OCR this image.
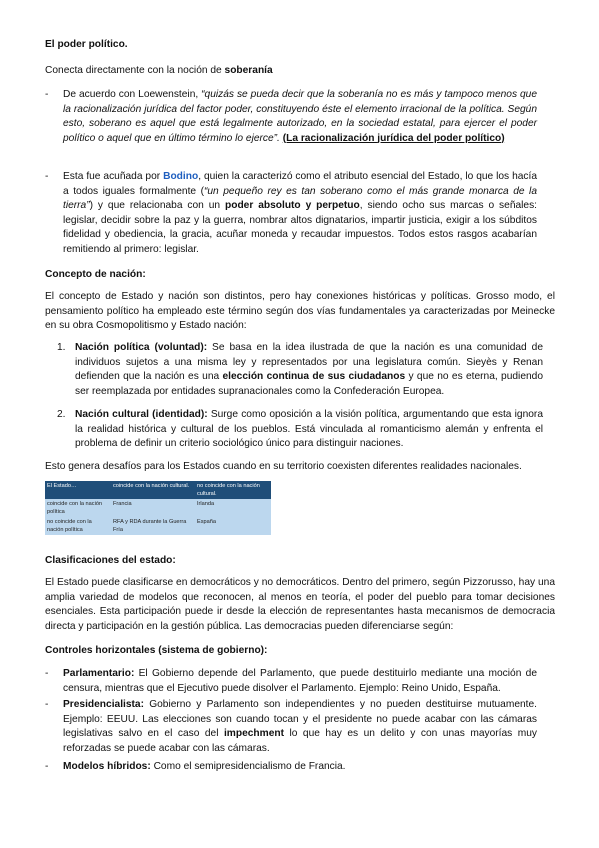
El poder político.
Conecta directamente con la noción de soberanía
- De acuerdo con Loewenstein, “quizás se pueda decir que la soberanía no es más y tampoco menos que la racionalización jurídica del factor poder, constituyendo éste el elemento irracional de la política. Según esto, soberano es aquel que está legalmente autorizado, en la sociedad estatal, para ejercer el poder político o aquel que en último término lo ejerce”. (La racionalización jurídica del poder político)
- Esta fue acuñada por Bodino, quien la caracterizó como el atributo esencial del Estado, lo que los hacía a todos iguales formalmente (“un pequeño rey es tan soberano como el más grande monarca de la tierra”) y que relacionaba con un poder absoluto y perpetuo, siendo ocho sus marcas o señales: legislar, decidir sobre la paz y la guerra, nombrar altos dignatarios, impartir justicia, exigir a los súbditos fidelidad y obediencia, la gracia, acuñar moneda y recaudar impuestos. Todos estos rasgos acabarían remitiendo al primero: legislar.
Concepto de nación:
El concepto de Estado y nación son distintos, pero hay conexiones históricas y políticas. Grosso modo, el pensamiento político ha empleado este término según dos vías fundamentales ya caracterizadas por Meinecke en su obra Cosmopolitismo y Estado nación:
1. Nación política (voluntad): Se basa en la idea ilustrada de que la nación es una comunidad de individuos sujetos a una misma ley y representados por una legislatura común. Sieyès y Renan defienden que la nación es una elección continua de sus ciudadanos y que no es eterna, pudiendo ser reemplazada por entidades supranacionales como la Confederación Europea.
2. Nación cultural (identidad): Surge como oposición a la visión política, argumentando que esta ignora la realidad histórica y cultural de los pueblos. Está vinculada al romanticismo alemán y enfrenta el problema de definir un criterio sociológico único para distinguir naciones.
Esto genera desafíos para los Estados cuando en su territorio coexisten diferentes realidades nacionales.
El Estado…	coincide con la nación cultural.	no coincide con la nación cultural.
coincide con la nación política	Francia	Irlanda
no coincide con la nación política	RFA y RDA durante la Guerra Fría	España
Clasificaciones del estado:
El Estado puede clasificarse en democráticos y no democráticos. Dentro del primero, según Pizzorusso, hay una amplia variedad de modelos que reconocen, al menos en teoría, el poder del pueblo para tomar decisiones esenciales. Esta participación puede ir desde la elección de representantes hasta mecanismos de democracia directa y participación en la gestión pública. Las democracias pueden diferenciarse según:
Controles horizontales (sistema de gobierno):
- Parlamentario: El Gobierno depende del Parlamento, que puede destituirlo mediante una moción de censura, mientras que el Ejecutivo puede disolver el Parlamento. Ejemplo: Reino Unido, España.
- Presidencialista: Gobierno y Parlamento son independientes y no pueden destituirse mutuamente. Ejemplo: EEUU. Las elecciones son cuando tocan y el presidente no puede acabar con las cámaras legislativas salvo en el caso del impechment lo que hay es un delito y con unas mayorías muy reforzadas se puede acabar con las cámaras.
- Modelos híbridos: Como el semipresidencialismo de Francia.
